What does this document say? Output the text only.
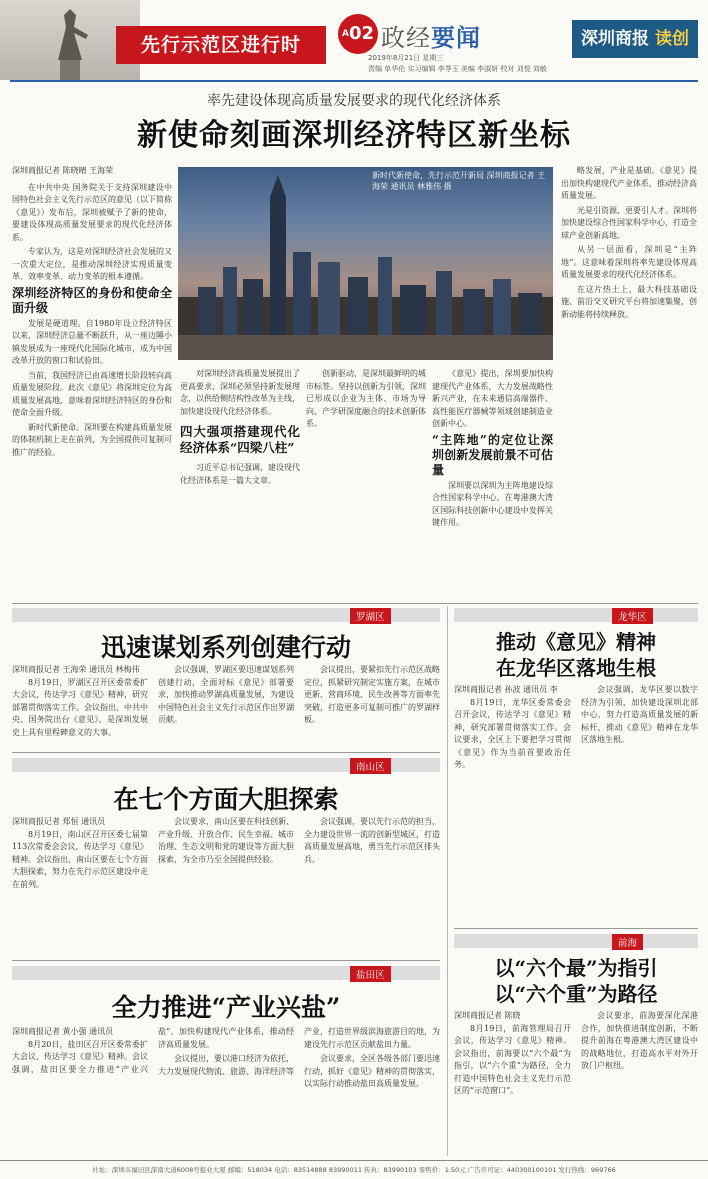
先行示范区进行时	$^A$02 政经要闻
2019年8月21日 星期三
责编 单华伦 实习编辑 李苓玉 美编 李淑妍 校对 刘悦 刘敏
深圳商报 读创
率先建设体现高质量发展要求的现代化经济体系
新使命刻画深圳经济特区新坐标
深圳商报记者 陈晓晴 王海荣

在中共中央 国务院关于支持深圳建设中国特色社会主义先行示范区的意见（以下简称《意见》）发布后，深圳被赋予了新的使命，要建设体现高质量发展要求的现代化经济体系。

专家认为，这是对深圳经济社会发展的又一次重大定位，是推动深圳经济实现质量变革、效率变革、动力变革的根本遵循。

深圳经济特区的身份和使命全面升级

发展是硬道理。自1980年设立经济特区以来，深圳经济总量不断跃升，从一座边陲小镇发展成为一座现代化国际化城市，成为中国改革开放的窗口和试验田。

当前，我国经济已由高速增长阶段转向高质量发展阶段。此次《意见》将深圳定位为高质量发展高地，意味着深圳经济特区的身份和使命全面升级。

新时代新使命。深圳要在构建高质量发展的体制机制上走在前列，为全国提供可复制可推广的经验。

新时代新使命，先行示范开新局 深圳商报记者 王海荣 通讯员 林雅伟 摄

对深圳经济高质量发展提出了更高要求，深圳必须坚持新发展理念，以供给侧结构性改革为主线，加快建设现代化经济体系。

四大强项搭建现代化经济体系“四梁八柱”

习近平总书记强调，建设现代化经济体系是一篇大文章。

创新驱动，是深圳最鲜明的城市标签。坚持以创新为引领，深圳已形成以企业为主体、市场为导向、产学研深度融合的技术创新体系。

《意见》提出，深圳要加快构建现代产业体系，大力发展战略性新兴产业，在未来通信高端器件、高性能医疗器械等领域创建制造业创新中心。

“主阵地”的定位让深圳创新发展前景不可估量

深圳要以深圳为主阵地建设综合性国家科学中心，在粤港澳大湾区国际科技创新中心建设中发挥关键作用。

略发展，产业是基础。《意见》提出加快构建现代产业体系，推动经济高质量发展。

光是引资源，更要引人才。深圳将加快建设综合性国家科学中心，打造全球产业创新高地。

从另一层面看，深圳是“主阵地”。这意味着深圳将率先建设体现高质量发展要求的现代化经济体系。

在这片热土上，最大科技基础设施、前沿交叉研究平台将加速集聚，创新动能将持续释放。

罗湖区
迅速谋划系列创建行动
深圳商报记者 王海荣 通讯员 林梅伟

8月19日，罗湖区召开区委常委扩大会议，传达学习《意见》精神，研究部署贯彻落实工作。会议指出，中共中央、国务院出台《意见》，是深圳发展史上具有里程碑意义的大事。

会议强调，罗湖区要迅速谋划系列创建行动，全面对标《意见》部署要求，加快推动罗湖高质量发展，为建设中国特色社会主义先行示范区作出罗湖贡献。

会议提出，要紧扣先行示范区战略定位，抓紧研究制定实施方案，在城市更新、营商环境、民生改善等方面率先突破，打造更多可复制可推广的罗湖样板。

龙华区
推动《意见》精神
在龙华区落地生根
深圳商报记者 孙波 通讯员 李

8月19日，龙华区委常委会召开会议，传达学习《意见》精神，研究部署贯彻落实工作。会议要求，全区上下要把学习贯彻《意见》作为当前首要政治任务。

会议强调，龙华区要以数字经济为引领，加快建设深圳北部中心，努力打造高质量发展的新标杆，推动《意见》精神在龙华区落地生根。

南山区
在七个方面大胆探索
深圳商报记者 郑恒 通讯员

8月19日，南山区召开区委七届第113次常委会会议，传达学习《意见》精神。会议指出，南山区要在七个方面大胆探索，努力在先行示范区建设中走在前列。

会议要求，南山区要在科技创新、产业升级、开放合作、民生幸福、城市治理、生态文明和党的建设等方面大胆探索，为全市乃至全国提供经验。

会议强调，要以先行示范的担当，全力建设世界一流的创新型城区，打造高质量发展高地，勇当先行示范区排头兵。

前海
以“六个最”为指引
以“六个重”为路径
深圳商报记者 陈晓

8月19日，前海管理局召开会议，传达学习《意见》精神。会议指出，前海要以“六个最”为指引，以“六个重”为路径，全力打造中国特色社会主义先行示范区的“示范窗口”。

会议要求，前海要深化深港合作，加快推进制度创新，不断提升前海在粤港澳大湾区建设中的战略地位，打造高水平对外开放门户枢纽。

盐田区
全力推进“产业兴盐”
深圳商报记者 黄小强 通讯员

8月20日，盐田区召开区委常委扩大会议，传达学习《意见》精神。会议强调，盐田区要全力推进“产业兴盐”，加快构建现代产业体系，推动经济高质量发展。

会议提出，要以港口经济为依托，大力发展现代物流、旅游、海洋经济等产业，打造世界级滨海旅游目的地，为建设先行示范区贡献盐田力量。

会议要求，全区各级各部门要迅速行动，抓好《意见》精神的贯彻落实，以实际行动推动盐田高质量发展。

社址：深圳市福田区深南大道6008号报业大厦 邮编：518034 电话：83514888 83990011 传真：83990103 零售价：1.50元 广告许可证：440300100101 发行热线：969766
